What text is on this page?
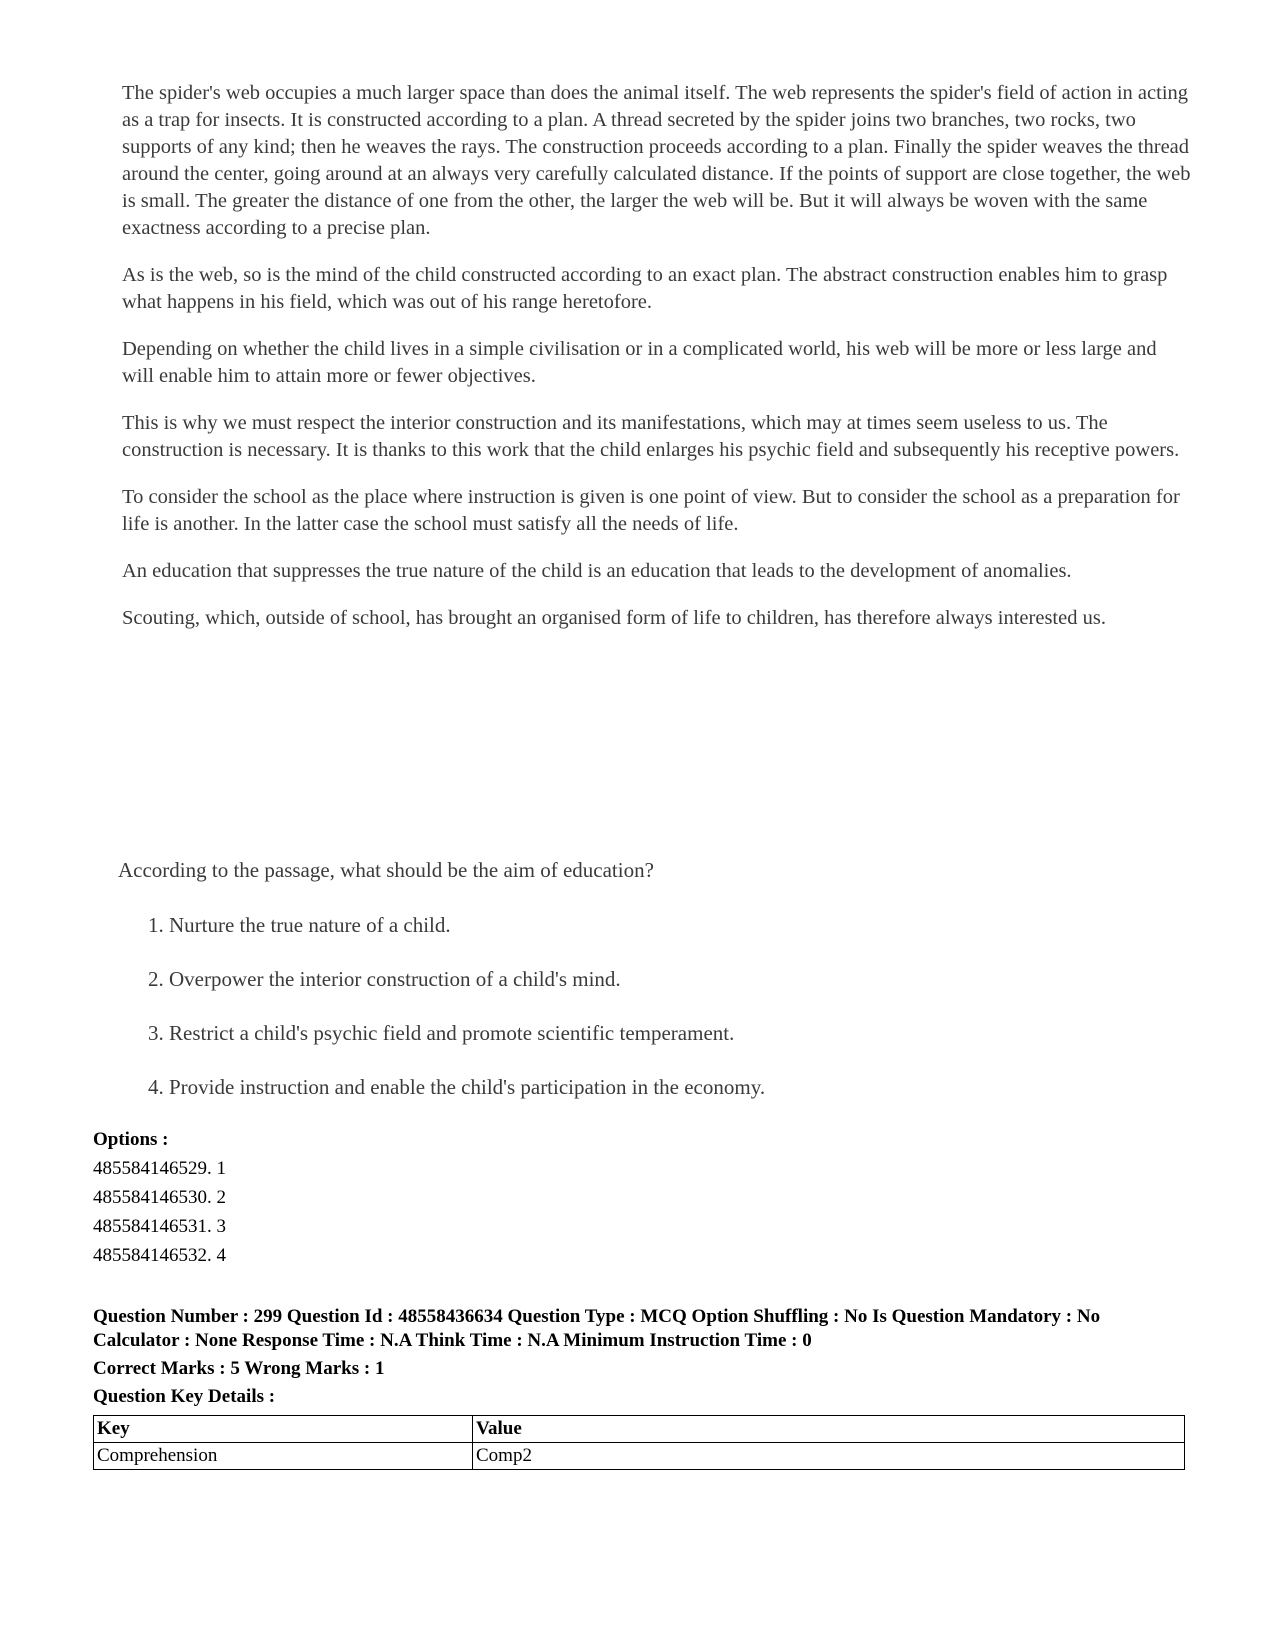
The spider's web occupies a much larger space than does the animal itself. The web represents the spider's field of action in acting as a trap for insects. It is constructed according to a plan. A thread secreted by the spider joins two branches, two rocks, two supports of any kind; then he weaves the rays. The construction proceeds according to a plan. Finally the spider weaves the thread around the center, going around at an always very carefully calculated distance. If the points of support are close together, the web is small. The greater the distance of one from the other, the larger the web will be. But it will always be woven with the same exactness according to a precise plan.

As is the web, so is the mind of the child constructed according to an exact plan. The abstract construction enables him to grasp what happens in his field, which was out of his range heretofore.

Depending on whether the child lives in a simple civilisation or in a complicated world, his web will be more or less large and will enable him to attain more or fewer objectives.

This is why we must respect the interior construction and its manifestations, which may at times seem useless to us. The construction is necessary. It is thanks to this work that the child enlarges his psychic field and subsequently his receptive powers.

To consider the school as the place where instruction is given is one point of view. But to consider the school as a preparation for life is another. In the latter case the school must satisfy all the needs of life.

An education that suppresses the true nature of the child is an education that leads to the development of anomalies.

Scouting, which, outside of school, has brought an organised form of life to children, has therefore always interested us.

According to the passage, what should be the aim of education?
1. Nurture the true nature of a child.
2. Overpower the interior construction of a child's mind.
3. Restrict a child's psychic field and promote scientific temperament.
4. Provide instruction and enable the child's participation in the economy.
Options :
485584146529. 1
485584146530. 2
485584146531. 3
485584146532. 4
Question Number : 299 Question Id : 48558436634 Question Type : MCQ Option Shuffling : No Is Question Mandatory : No Calculator : None Response Time : N.A Think Time : N.A Minimum Instruction Time : 0
Correct Marks : 5 Wrong Marks : 1
Question Key Details :
Key	Value
Comprehension	Comp2
